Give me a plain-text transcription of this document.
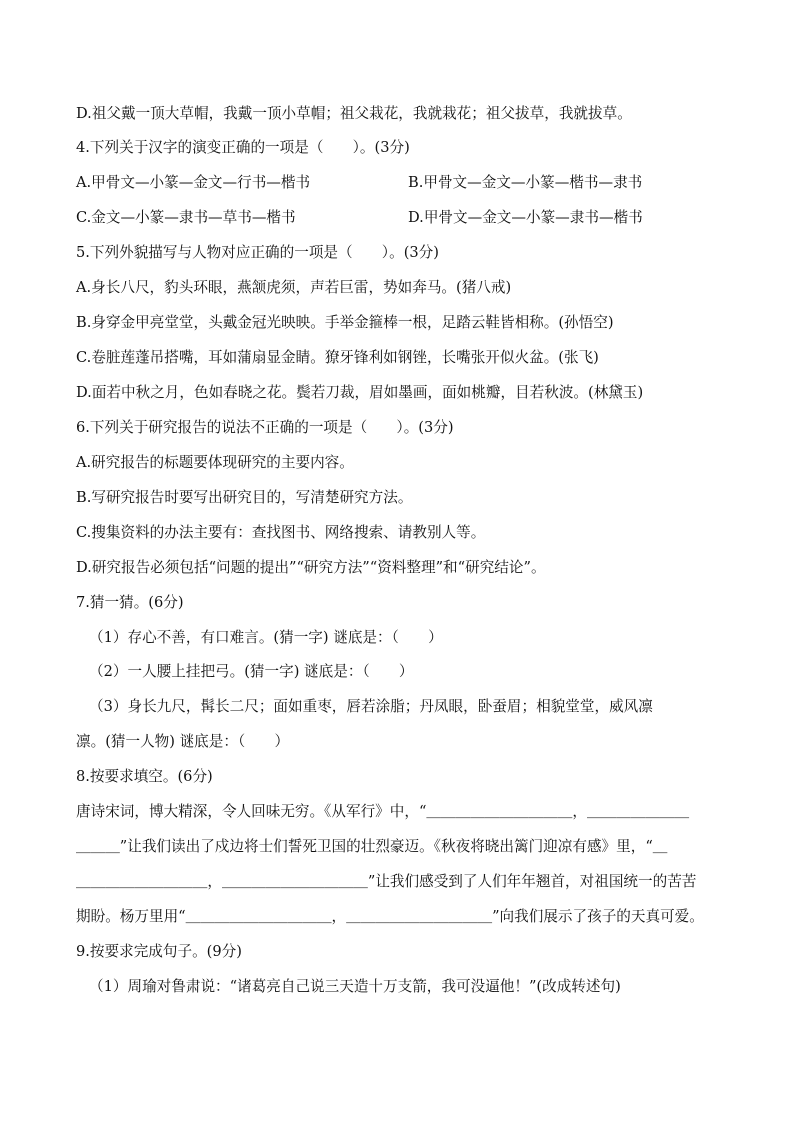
D.祖父戴一顶大草帽，我戴一顶小草帽；祖父栽花，我就栽花；祖父拔草，我就拔草。
4.下列关于汉字的演变正确的一项是（　　）。(3分)
A.甲骨文—小篆—金文—行书—楷书	B.甲骨文—金文—小篆—楷书—隶书
C.金文—小篆—隶书—草书—楷书	D.甲骨文—金文—小篆—隶书—楷书
5.下列外貌描写与人物对应正确的一项是（　　）。(3分)
A.身长八尺，豹头环眼，燕颔虎须，声若巨雷，势如奔马。(猪八戒)
B.身穿金甲亮堂堂，头戴金冠光映映。手举金箍棒一根，足踏云鞋皆相称。(孙悟空)
C.卷脏莲蓬吊搭嘴，耳如蒲扇显金睛。獠牙锋利如钢锉，长嘴张开似火盆。(张飞)
D.面若中秋之月，色如春晓之花。鬓若刀裁，眉如墨画，面如桃瓣，目若秋波。(林黛玉)
6.下列关于研究报告的说法不正确的一项是（　　）。(3分)
A.研究报告的标题要体现研究的主要内容。
B.写研究报告时要写出研究目的，写清楚研究方法。
C.搜集资料的办法主要有：查找图书、网络搜索、请教别人等。
D.研究报告必须包括“问题的提出”“研究方法”“资料整理”和“研究结论”。
7.猜一猜。(6分)
（1）存心不善，有口难言。(猜一字) 谜底是：（　　）
（2）一人腰上挂把弓。(猜一字) 谜底是：（　　）
（3）身长九尺，髯长二尺；面如重枣，唇若涂脂；丹凤眼，卧蚕眉；相貌堂堂，威风凛
凛。(猜一人物) 谜底是：（　　）
8.按要求填空。(6分)
唐诗宋词，博大精深，令人回味无穷。《从军行》中，“＿＿＿＿＿＿＿＿＿＿，＿＿＿＿＿＿＿
＿＿＿”让我们读出了戍边将士们誓死卫国的壮烈豪迈。《秋夜将晓出篱门迎凉有感》里，“＿
＿＿＿＿＿＿＿＿＿，＿＿＿＿＿＿＿＿＿＿”让我们感受到了人们年年翘首，对祖国统一的苦苦
期盼。杨万里用“＿＿＿＿＿＿＿＿＿＿，＿＿＿＿＿＿＿＿＿＿”向我们展示了孩子的天真可爱。
9.按要求完成句子。(9分)
（1）周瑜对鲁肃说：“诸葛亮自己说三天造十万支箭，我可没逼他！”(改成转述句)
